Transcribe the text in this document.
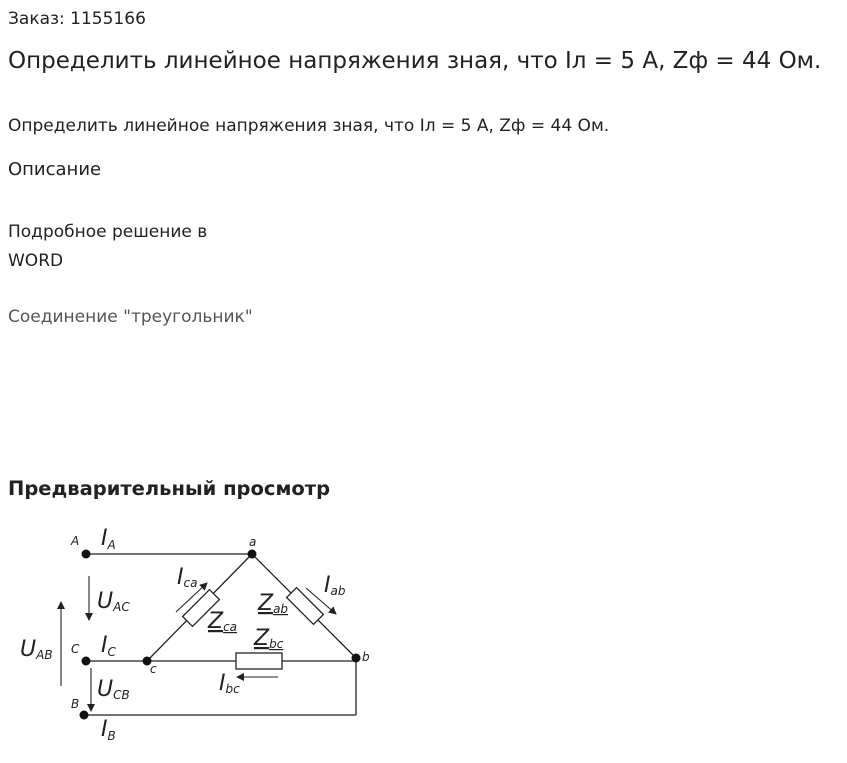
Заказ: 1155166
Определить линейное напряжения зная, что Iл = 5 А, Zф = 44 Ом.
Определить линейное напряжения зная, что Iл = 5 А, Zф = 44 Ом.
Описание
Подробное решение в
WORD
Соединение "треугольник"
Предварительный просмотр
A	a
C
c
b
B
IA
IC
IB
Ica	Iab
Ibc
UAC
UCB
UAB
Zca
Zab
Zbc
